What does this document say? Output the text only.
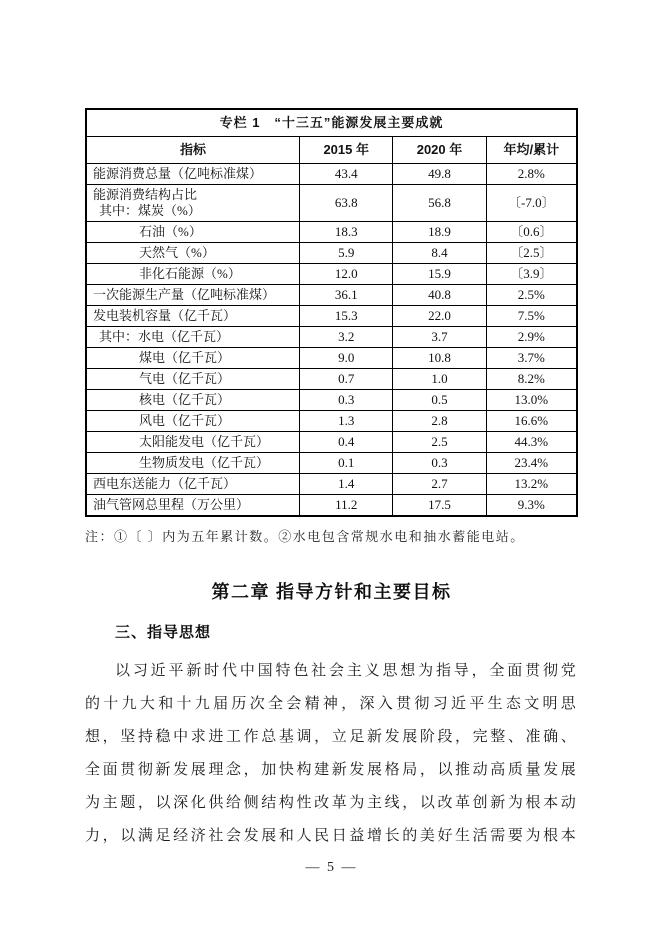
专栏 1　“十三五”能源发展主要成就			
指标	2015 年	2020 年	年均/累计
能源消费总量（亿吨标准煤）	43.4	49.8	2.8%

能源消费结构占比
其中：煤炭（%）	63.8	56.8	〔-7.0〕
石油（%）	18.3	18.9	〔0.6〕
天然气（%）	5.9	8.4	〔2.5〕
非化石能源（%）	12.0	15.9	〔3.9〕
一次能源生产量（亿吨标准煤）	36.1	40.8	2.5%
发电装机容量（亿千瓦）	15.3	22.0	7.5%
其中：水电（亿千瓦）	3.2	3.7	2.9%
煤电（亿千瓦）	9.0	10.8	3.7%
气电（亿千瓦）	0.7	1.0	8.2%
核电（亿千瓦）	0.3	0.5	13.0%
风电（亿千瓦）	1.3	2.8	16.6%
太阳能发电（亿千瓦）	0.4	2.5	44.3%
生物质发电（亿千瓦）	0.1	0.3	23.4%
西电东送能力（亿千瓦）	1.4	2.7	13.2%
油气管网总里程（万公里）	11.2	17.5	9.3%
注：①〔 〕内为五年累计数。②水电包含常规水电和抽水蓄能电站。
第二章 指导方针和主要目标
三、指导思想
以习近平新时代中国特色社会主义思想为指导，全面贯彻党
的十九大和十九届历次全会精神，深入贯彻习近平生态文明思
想，坚持稳中求进工作总基调，立足新发展阶段，完整、准确、
全面贯彻新发展理念，加快构建新发展格局，以推动高质量发展
为主题，以深化供给侧结构性改革为主线，以改革创新为根本动
力，以满足经济社会发展和人民日益增长的美好生活需要为根本
— 5 —
